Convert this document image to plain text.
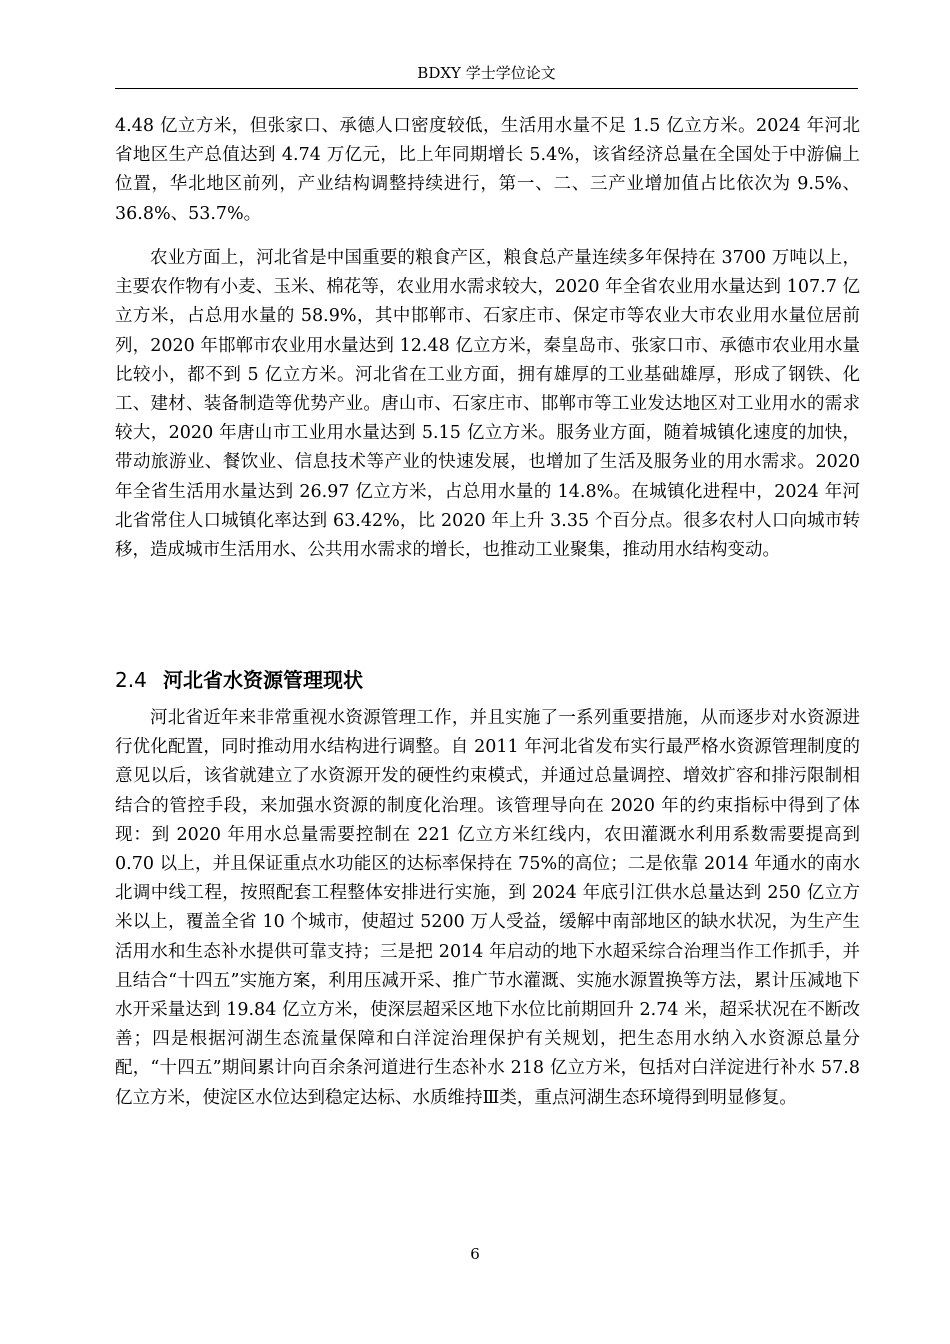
BDXY 学士学位论文

4.48 亿立方米，但张家口、承德人口密度较低，生活用水量不足 1.5 亿立方米。2024 年河北省地区生产总值达到 4.74 万亿元，比上年同期增长 5.4%，该省经济总量在全国处于中游偏上位置，华北地区前列，产业结构调整持续进行，第一、二、三产业增加值占比依次为 9.5%、36.8%、53.7%。

农业方面上，河北省是中国重要的粮食产区，粮食总产量连续多年保持在 3700 万吨以上，主要农作物有小麦、玉米、棉花等，农业用水需求较大，2020 年全省农业用水量达到 107.7 亿立方米，占总用水量的 58.9%，其中邯郸市、石家庄市、保定市等农业大市农业用水量位居前列，2020 年邯郸市农业用水量达到 12.48 亿立方米，秦皇岛市、张家口市、承德市农业用水量比较小，都不到 5 亿立方米。河北省在工业方面，拥有雄厚的工业基础雄厚，形成了钢铁、化工、建材、装备制造等优势产业。唐山市、石家庄市、邯郸市等工业发达地区对工业用水的需求较大，2020 年唐山市工业用水量达到 5.15 亿立方米。服务业方面，随着城镇化速度的加快，带动旅游业、餐饮业、信息技术等产业的快速发展，也增加了生活及服务业的用水需求。2020 年全省生活用水量达到 26.97 亿立方米，占总用水量的 14.8%。在城镇化进程中，2024 年河北省常住人口城镇化率达到 63.42%，比 2020 年上升 3.35 个百分点。很多农村人口向城市转移，造成城市生活用水、公共用水需求的增长，也推动工业聚集，推动用水结构变动。

2.4 河北省水资源管理现状

河北省近年来非常重视水资源管理工作，并且实施了一系列重要措施，从而逐步对水资源进行优化配置，同时推动用水结构进行调整。自 2011 年河北省发布实行最严格水资源管理制度的意见以后，该省就建立了水资源开发的硬性约束模式，并通过总量调控、增效扩容和排污限制相结合的管控手段，来加强水资源的制度化治理。该管理导向在 2020 年的约束指标中得到了体现：到 2020 年用水总量需要控制在 221 亿立方米红线内，农田灌溉水利用系数需要提高到 0.70 以上，并且保证重点水功能区的达标率保持在 75%的高位；二是依靠 2014 年通水的南水北调中线工程，按照配套工程整体安排进行实施，到 2024 年底引江供水总量达到 250 亿立方米以上，覆盖全省 10 个城市，使超过 5200 万人受益，缓解中南部地区的缺水状况，为生产生活用水和生态补水提供可靠支持；三是把 2014 年启动的地下水超采综合治理当作工作抓手，并且结合“十四五”实施方案，利用压减开采、推广节水灌溉、实施水源置换等方法，累计压减地下水开采量达到 19.84 亿立方米，使深层超采区地下水位比前期回升 2.74 米，超采状况在不断改善；四是根据河湖生态流量保障和白洋淀治理保护有关规划，把生态用水纳入水资源总量分配，“十四五”期间累计向百余条河道进行生态补水 218 亿立方米，包括对白洋淀进行补水 57.8 亿立方米，使淀区水位达到稳定达标、水质维持Ⅲ类，重点河湖生态环境得到明显修复。

6
